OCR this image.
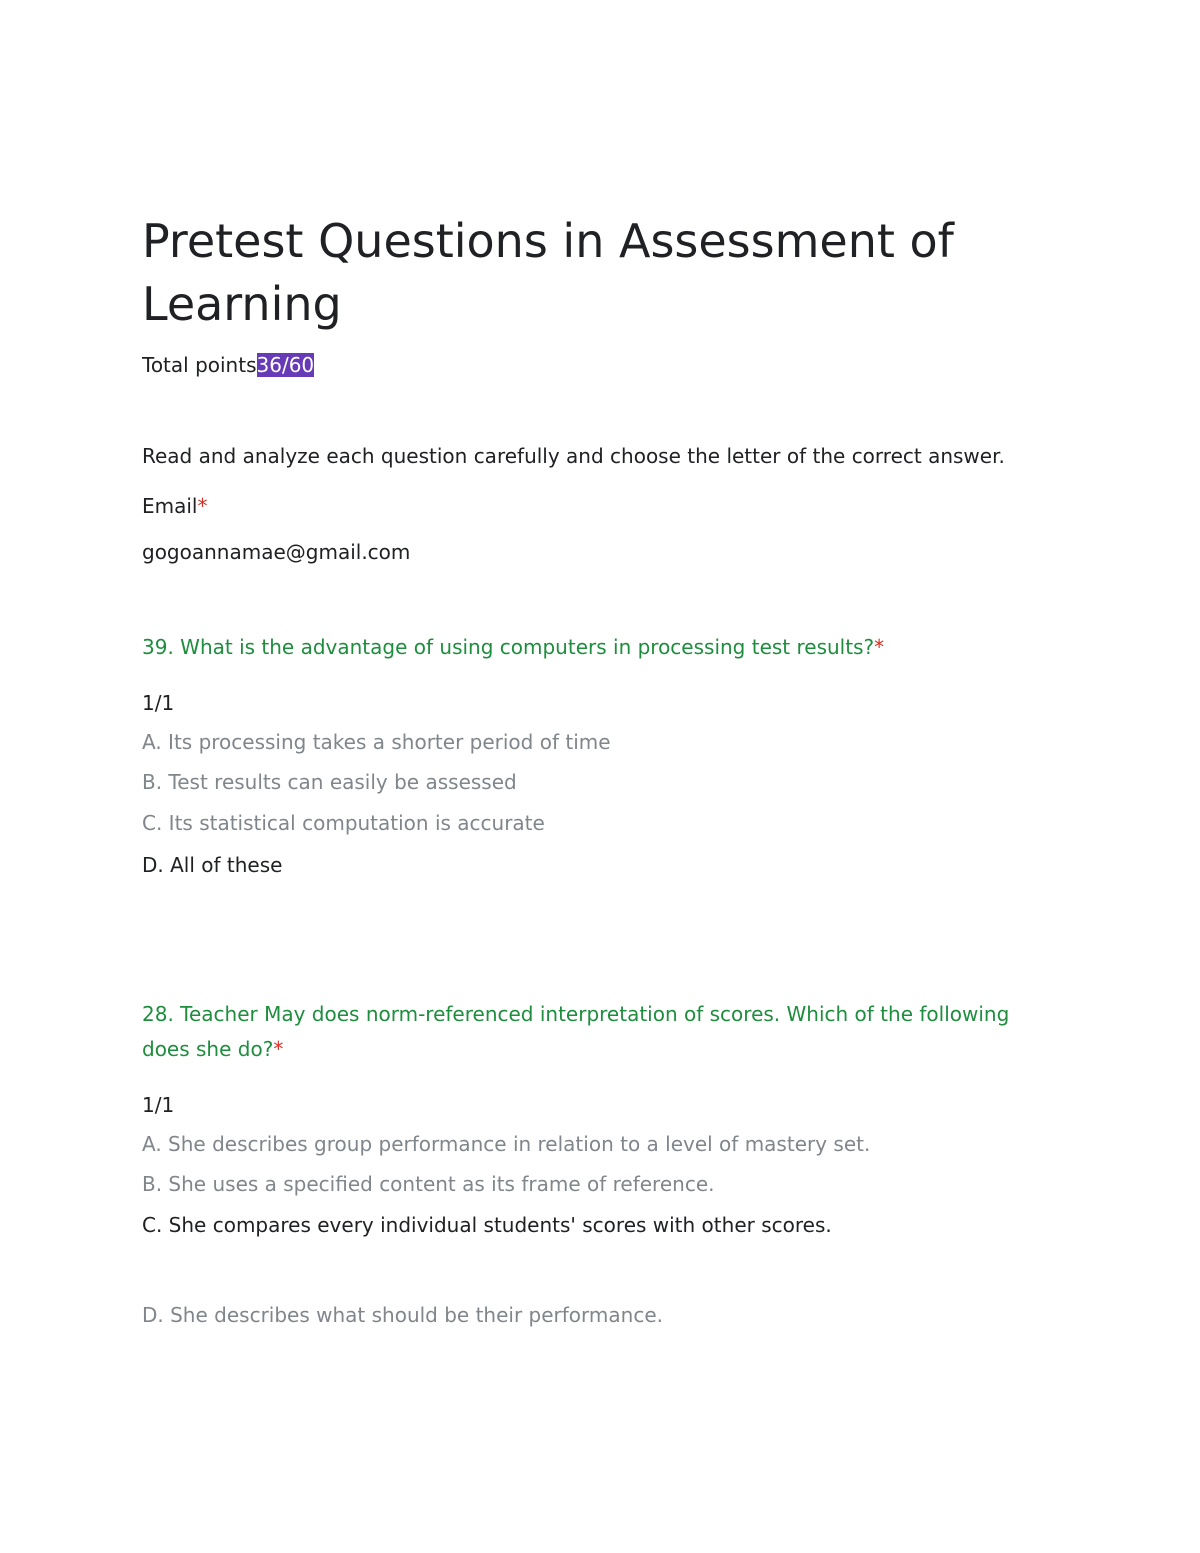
Pretest Questions in Assessment of Learning
Total points36/60
Read and analyze each question carefully and choose the letter of the correct answer.
Email*
gogoannamae@gmail.com
39. What is the advantage of using computers in processing test results?*
1/1
A. Its processing takes a shorter period of time
B. Test results can easily be assessed
C. Its statistical computation is accurate
D. All of these
28. Teacher May does norm-referenced interpretation of scores. Which of the following does she do?*
1/1
A. She describes group performance in relation to a level of mastery set.
B. She uses a specified content as its frame of reference.
C. She compares every individual students' scores with other scores.
D. She describes what should be their performance.
